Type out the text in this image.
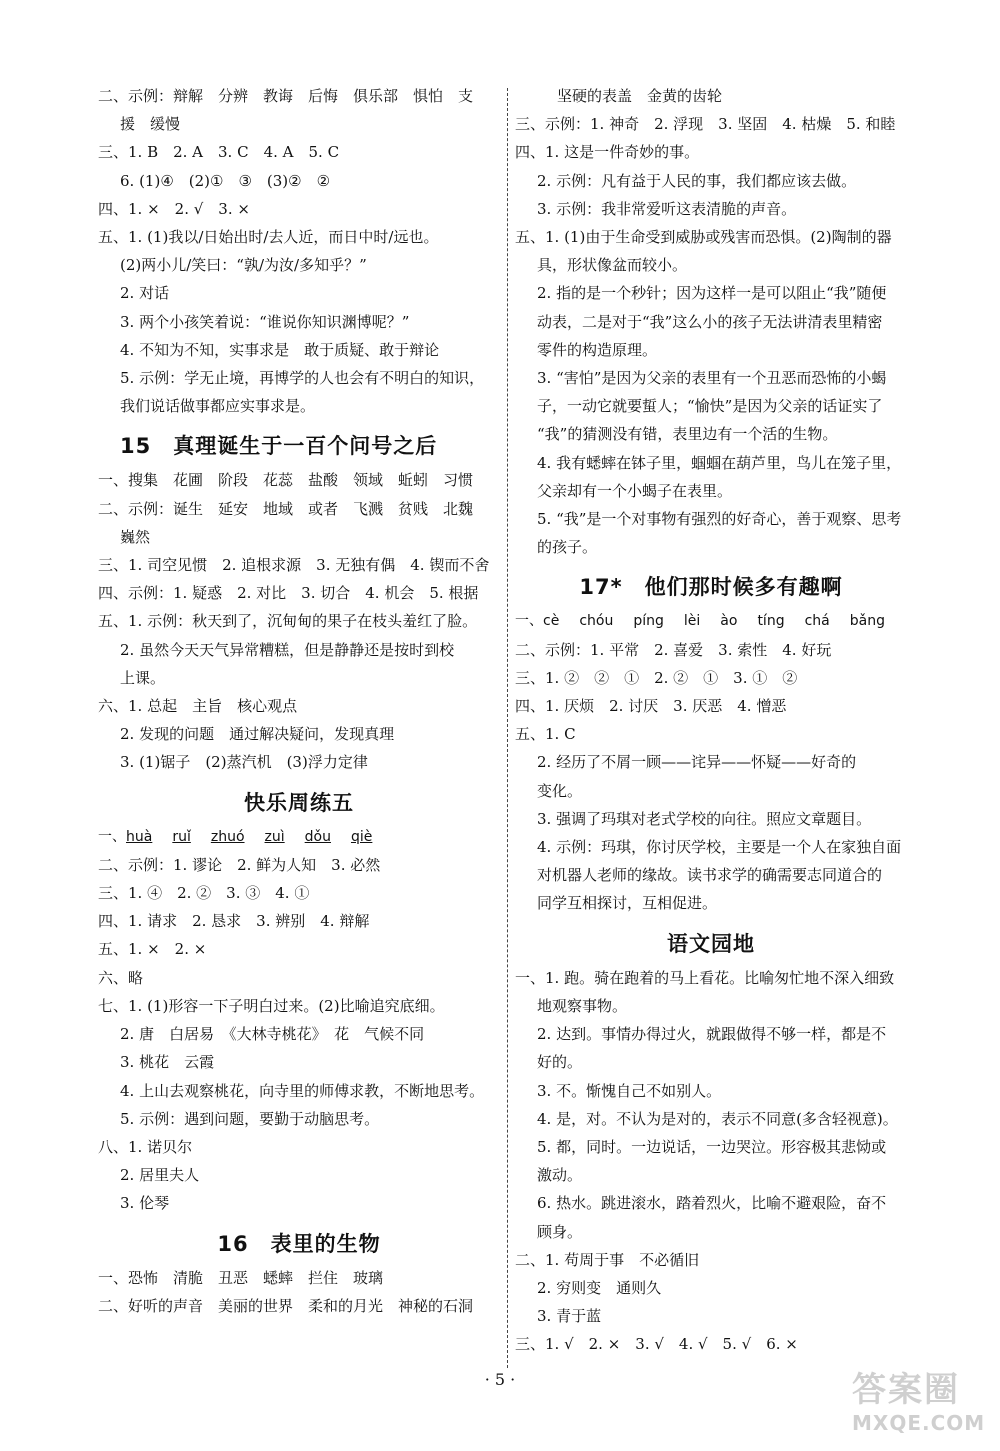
二、示例：辩解　分辨　教诲　后悔　俱乐部　惧怕　支
援　缓慢
三、1. B　2. A　3. C　4. A　5. C
6. (1)④　(2)①　③　(3)②　②
四、1. ×　2. √　3. ×
五、1. (1)我以/日始出时/去人近，而日中时/远也。
(2)两小儿/笑曰：“孰/为汝/多知乎？”
2. 对话
3. 两个小孩笑着说：“谁说你知识渊博呢？”
4. 不知为不知，实事求是　敢于质疑、敢于辩论
5. 示例：学无止境，再博学的人也会有不明白的知识，
我们说话做事都应实事求是。
15 真理诞生于一百个问号之后
一、搜集　花圃　阶段　花蕊　盐酸　领域　蚯蚓　习惯
二、示例：诞生　延安　地域　或者　飞溅　贫贱　北魏
巍然
三、1. 司空见惯　2. 追根求源　3. 无独有偶　4. 锲而不舍
四、示例：1. 疑惑　2. 对比　3. 切合　4. 机会　5. 根据
五、1. 示例：秋天到了，沉甸甸的果子在枝头羞红了脸。
2. 虽然今天天气异常糟糕，但是静静还是按时到校
上课。
六、1. 总起　主旨　核心观点
2. 发现的问题　通过解决疑问，发现真理
3. (1)锯子　(2)蒸汽机　(3)浮力定律
快乐周练五
一、huà ruǐ zhuó zuì dǒu qiè
二、示例：1. 谬论　2. 鲜为人知　3. 必然
三、1. ④　2. ②　3. ③　4. ①
四、1. 请求　2. 恳求　3. 辨别　4. 辩解
五、1. ×　2. ×
六、略
七、1. (1)形容一下子明白过来。(2)比喻追究底细。
2. 唐　白居易　《大林寺桃花》　花　气候不同
3. 桃花　云霞
4. 上山去观察桃花，向寺里的师傅求教，不断地思考。
5. 示例：遇到问题，要勤于动脑思考。
八、1. 诺贝尔
2. 居里夫人
3. 伦琴
16 表里的生物
一、恐怖　清脆　丑恶　蟋蟀　拦住　玻璃
二、好听的声音　美丽的世界　柔和的月光　神秘的石洞
坚硬的表盖　金黄的齿轮
三、示例：1. 神奇　2. 浮现　3. 坚固　4. 枯燥　5. 和睦
四、1. 这是一件奇妙的事。
2. 示例：凡有益于人民的事，我们都应该去做。
3. 示例：我非常爱听这表清脆的声音。
五、1. (1)由于生命受到威胁或残害而恐惧。(2)陶制的器
具，形状像盆而较小。
2. 指的是一个秒针；因为这样一是可以阻止“我”随便
动表，二是对于“我”这么小的孩子无法讲清表里精密
零件的构造原理。
3. “害怕”是因为父亲的表里有一个丑恶而恐怖的小蝎
子，一动它就要蜇人；“愉快”是因为父亲的话证实了
“我”的猜测没有错，表里边有一个活的生物。
4. 我有蟋蟀在钵子里，蝈蝈在葫芦里，鸟儿在笼子里，
父亲却有一个小蝎子在表里。
5. “我”是一个对事物有强烈的好奇心，善于观察、思考
的孩子。
17* 他们那时候多有趣啊
一、cè chóu píng lèi ào tíng chá bǎng
二、示例：1. 平常　2. 喜爱　3. 索性　4. 好玩
三、1. ②　②　①　2. ②　①　3. ①　②
四、1. 厌烦　2. 讨厌　3. 厌恶　4. 憎恶
五、1. C
2. 经历了不屑一顾——诧异——怀疑——好奇的
变化。
3. 强调了玛琪对老式学校的向往。照应文章题目。
4. 示例：玛琪，你讨厌学校，主要是一个人在家独自面
对机器人老师的缘故。读书求学的确需要志同道合的
同学互相探讨，互相促进。
语文园地
一、1. 跑。骑在跑着的马上看花。比喻匆忙地不深入细致
地观察事物。
2. 达到。事情办得过火，就跟做得不够一样，都是不
好的。
3. 不。惭愧自己不如别人。
4. 是，对。不认为是对的，表示不同意(多含轻视意)。
5. 都，同时。一边说话，一边哭泣。形容极其悲恸或
激动。
6. 热水。跳进滚水，踏着烈火，比喻不避艰险，奋不
顾身。
二、1. 苟周于事　不必循旧
2. 穷则变　通则久
3. 青于蓝
三、1. √　2. ×　3. √　4. √　5. √　6. ×
· 5 ·	答案圈
MXQE.COM
